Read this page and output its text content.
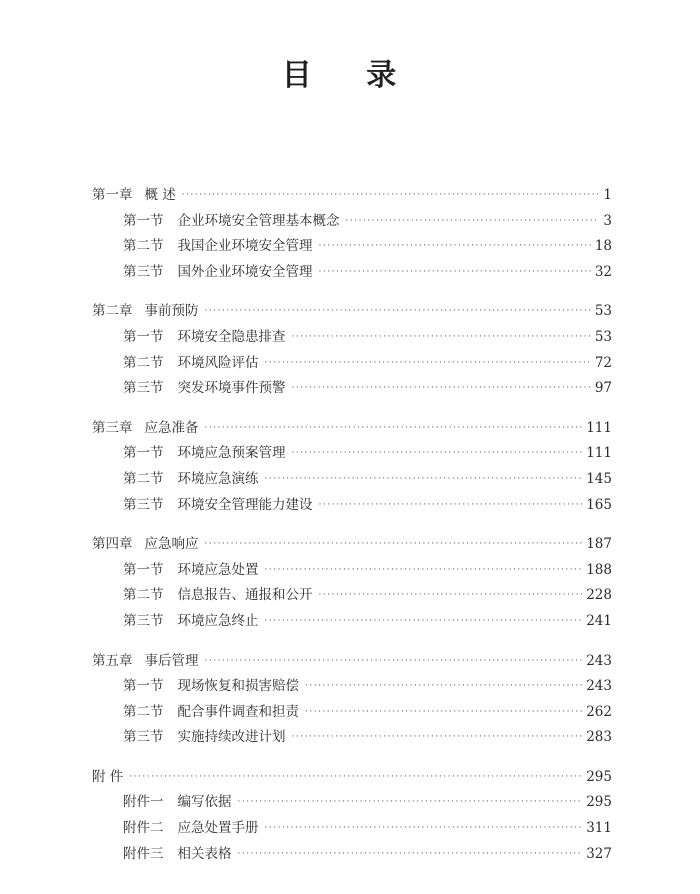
目 录
第一章 概 述 ·····	1
第一节 企业环境安全管理基本概念 ·····	3
第二节 我国企业环境安全管理 ·····	18
第三节 国外企业环境安全管理 ·····	32
第二章 事前预防 ·····	53
第一节 环境安全隐患排查 ·····	53
第二节 环境风险评估 ·····	72
第三节 突发环境事件预警 ·····	97
第三章 应急准备 ·····	111
第一节 环境应急预案管理 ·····	111
第二节 环境应急演练 ·····	145
第三节 环境安全管理能力建设 ·····	165
第四章 应急响应 ·····	187
第一节 环境应急处置 ·····	188
第二节 信息报告、通报和公开 ·····	228
第三节 环境应急终止 ·····	241
第五章 事后管理 ·····	243
第一节 现场恢复和损害赔偿 ·····	243
第二节 配合事件调查和担责 ·····	262
第三节 实施持续改进计划 ·····	283
附 件 ·····	295
附件一 编写依据 ·····	295
附件二 应急处置手册 ·····	311
附件三 相关表格 ·····	327
